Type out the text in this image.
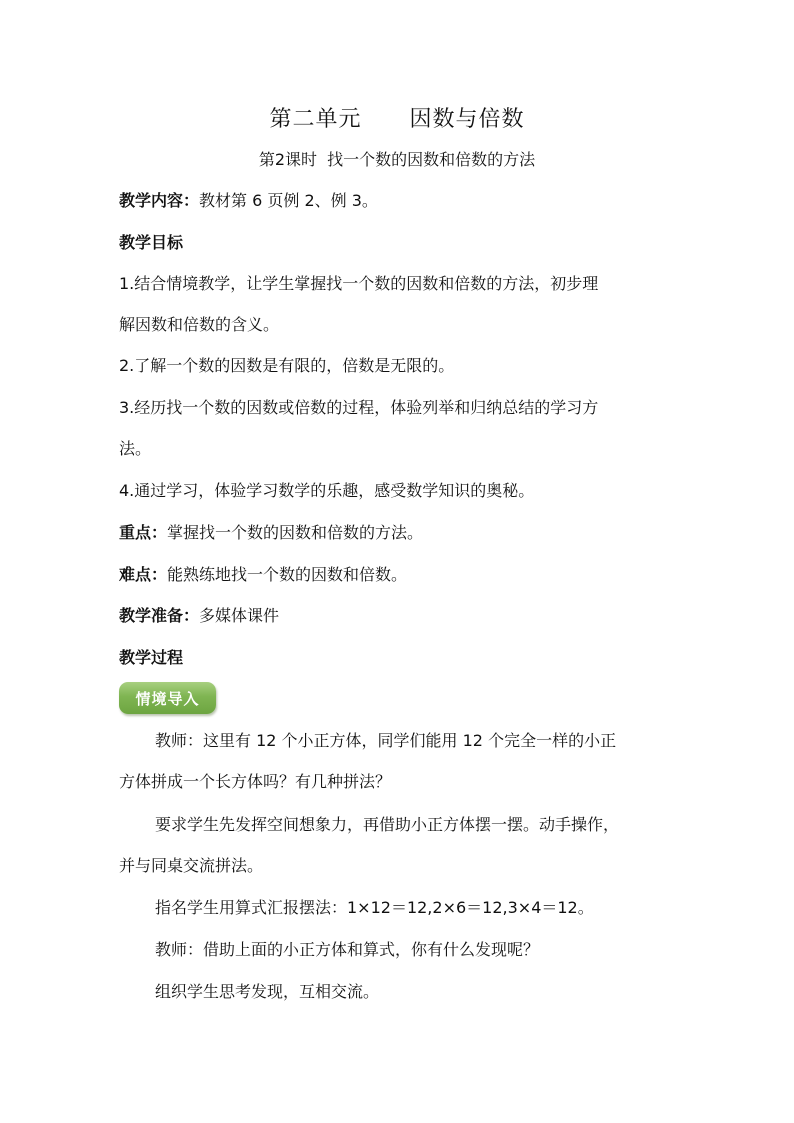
第二单元      因数与倍数
第2课时  找一个数的因数和倍数的方法
教学内容：教材第 6 页例 2、例 3。
教学目标
1.结合情境教学，让学生掌握找一个数的因数和倍数的方法，初步理
解因数和倍数的含义。
2.了解一个数的因数是有限的，倍数是无限的。
3.经历找一个数的因数或倍数的过程，体验列举和归纳总结的学习方
法。
4.通过学习，体验学习数学的乐趣，感受数学知识的奥秘。
重点：掌握找一个数的因数和倍数的方法。
难点：能熟练地找一个数的因数和倍数。
教学准备：多媒体课件
教学过程
情境导入
教师：这里有 12 个小正方体，同学们能用 12 个完全一样的小正
方体拼成一个长方体吗？有几种拼法？
要求学生先发挥空间想象力，再借助小正方体摆一摆。动手操作，
并与同桌交流拼法。
指名学生用算式汇报摆法：1×12＝12,2×6＝12,3×4＝12。
教师：借助上面的小正方体和算式，你有什么发现呢？
组织学生思考发现，互相交流。
